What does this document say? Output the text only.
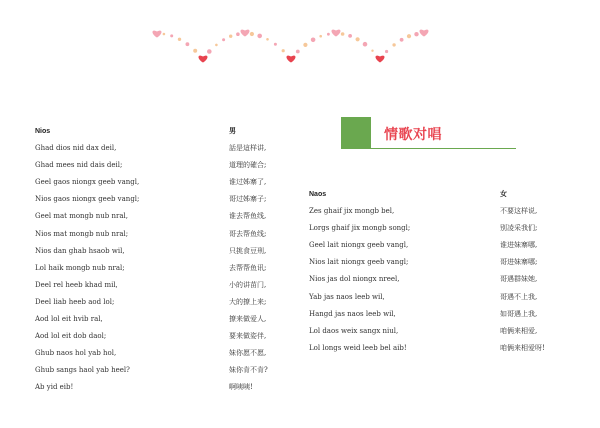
Nios
Ghad dios nid dax deil,
Ghad mees nid dais deil;
Geel gaos niongx geeb vangl,
Nios gaos niongx geeb vangl;
Geel mat mongb nub nral,
Nios mat mongb nub nral;
Nios dan ghab hsaob wil,
Lol haik mongb nub nral;
Deel rel heeb khad mil,
Deel liab heeb aod lol;
Aod lol eit hvib ral,
Aod lol eit dob daol;
Ghub naos hol yab hol,
Ghub sangs haol yab heel?
Ab yid eib!
男
話是這样讲,
道理的確合;
谁过姊寨了,
哥过姊寨子;
谁去帮鱼线,
哥去帮鱼线;
只挑食豆刑,
去帮帮鱼讯;
小的讲苗门,
大的撩上来;
撩来做爱人,
要来做姿伴,
妹你愿不愿,
妹你肯不肯?
啊咦咦!
情歌对唱
Naos
Zes ghaif jix mongb bel,
Lorgs ghaif jix mongb songl;
Geel lait niongx geeb vangl,
Nios lait niongx geeb vangl;
Nios jas dol niongx nreel,
Yab jas naos leeb wil,
Hangd jas naos leeb wil,
Lol daos weix sangx niul,
Lol longs weid leeb bel aib!
女
不要这样说,
别凌采我们;
谁进妹寨哪,
哥进妹寨哪;
哥遇群妹她,
哥遇不上我,
如哥遇上我,
咱俩来相爱,
咱俩来相爱呀!
